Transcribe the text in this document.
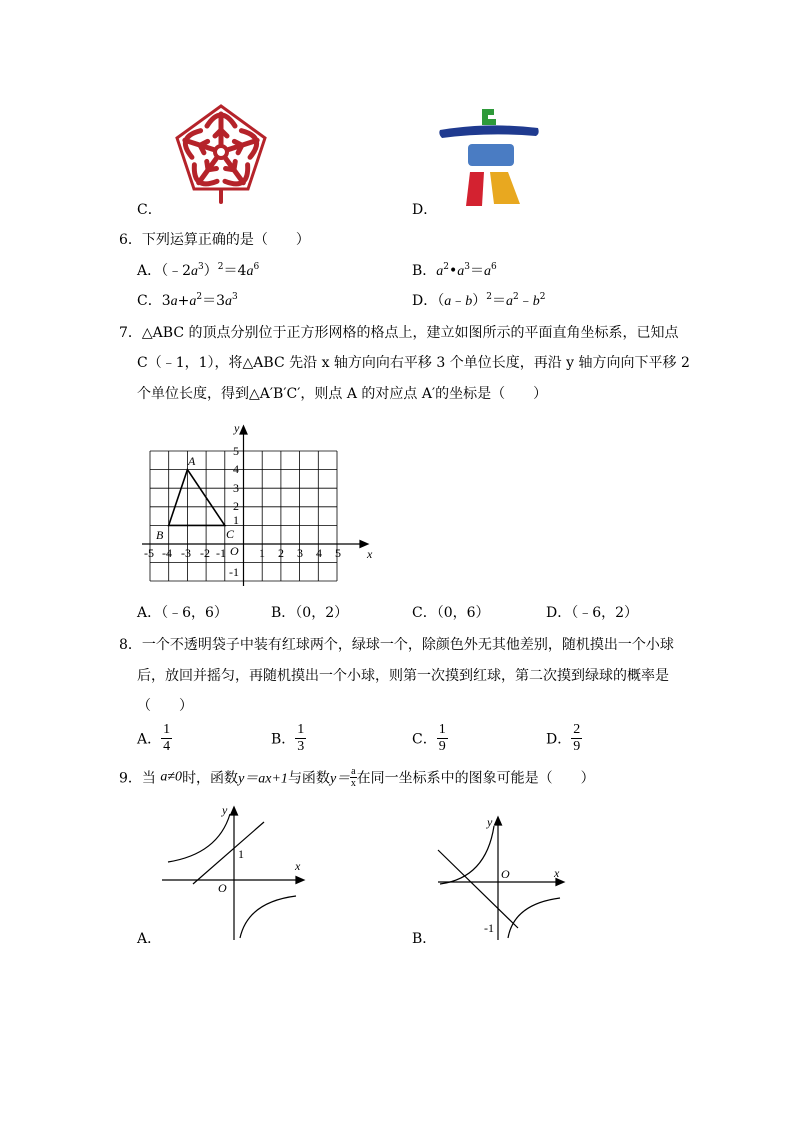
C．	D．
6．下列运算正确的是（　　）
A．$(﹣2a^3)^2=4a^6$	B．$a^2•a^3=a^6$
C．$3a+a^2=3a^3$	D．$(a﹣b)^2=a^2﹣b^2$
7．△ABC 的顶点分别位于正方形网格的格点上，建立如图所示的平面直角坐标系，已知点
C（﹣1，1），将△ABC 先沿 x 轴方向向右平移 3 个单位长度，再沿 y 轴方向向下平移 2
个单位长度，得到△A′B′C′，则点 A 的对应点 A′的坐标是（　　）
A
B	C
O	x
y
-5 -4 -3 -2 -1	1 2 3 4 5
5
4
3
2
1
-1
A．（﹣6，6）	B．（0，2）	C．（0，6）	D．（﹣6，2）
8．一个不透明袋子中装有红球两个，绿球一个，除颜色外无其他差别，随机摸出一个小球
后，放回并摇匀，再随机摸出一个小球，则第一次摸到红球，第二次摸到绿球的概率是
（　　）
A． $\frac{1}{4}$	B． $\frac{1}{3}$	C． $\frac{1}{9}$	D． $\frac{2}{9}$
9．当 a≠0时，函数y＝ax+1与函数$y= \frac{a}{x}$ 在同一坐标系中的图象可能是（　　）
y
x
O
1
A．
y
x
O
-1
B．
